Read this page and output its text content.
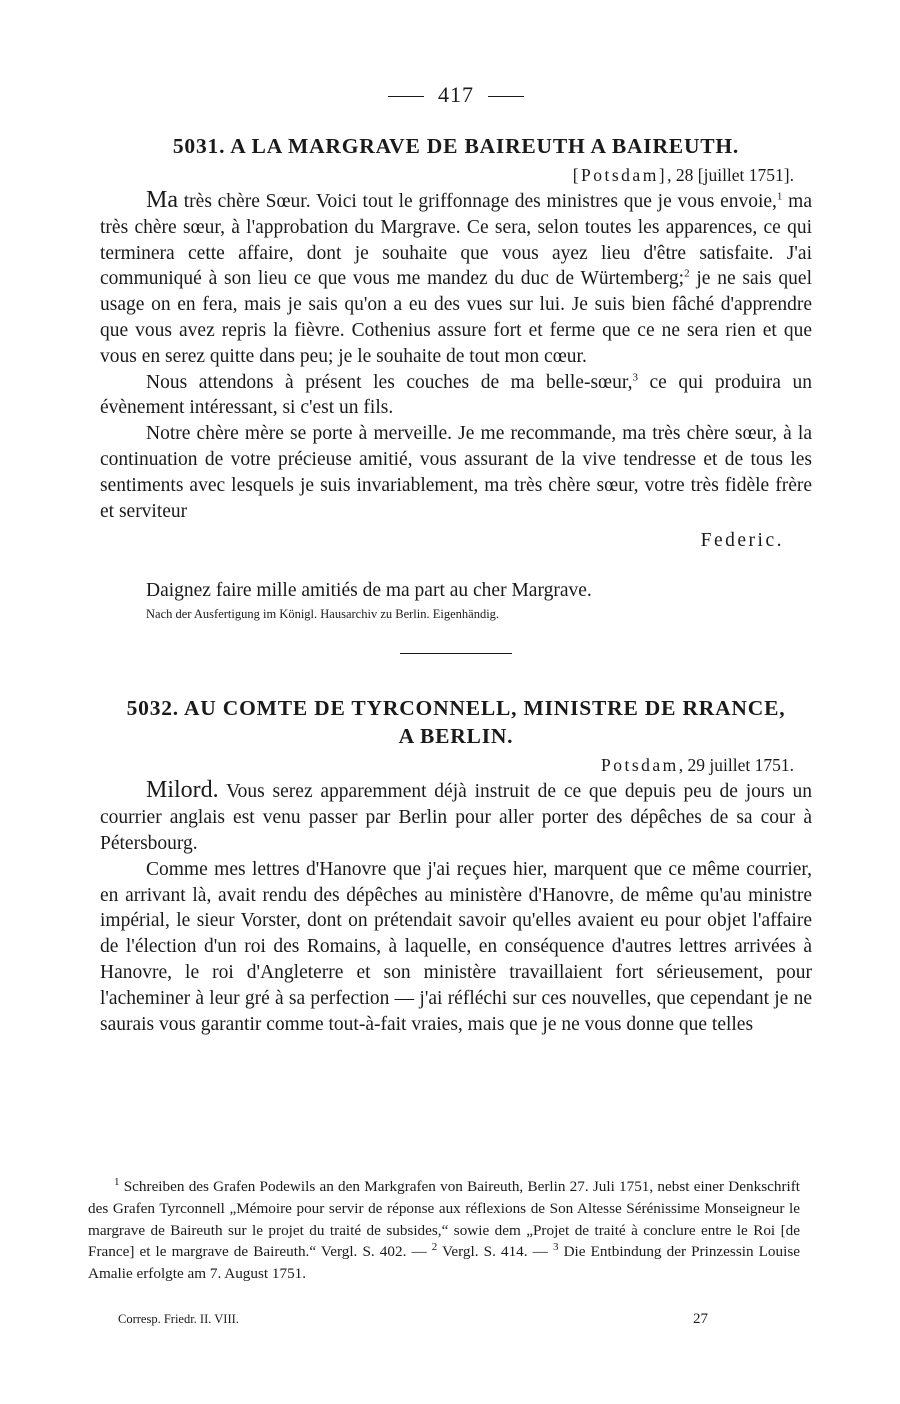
417
5031. A LA MARGRAVE DE BAIREUTH A BAIREUTH.
[Potsdam], 28 [juillet 1751].

Ma très chère Sœur. Voici tout le griffonnage des ministres que je vous envoie,$^1$ ma très chère sœur, à l'approbation du Margrave. Ce sera, selon toutes les apparences, ce qui terminera cette affaire, dont je souhaite que vous ayez lieu d'être satisfaite. J'ai communiqué à son lieu ce que vous me mandez du duc de Würtemberg;$^2$ je ne sais quel usage on en fera, mais je sais qu'on a eu des vues sur lui. Je suis bien fâché d'apprendre que vous avez repris la fièvre. Cothenius assure fort et ferme que ce ne sera rien et que vous en serez quitte dans peu; je le souhaite de tout mon cœur.

Nous attendons à présent les couches de ma belle-sœur,$^3$ ce qui produira un évènement intéressant, si c'est un fils.

Notre chère mère se porte à merveille. Je me recommande, ma très chère sœur, à la continuation de votre précieuse amitié, vous assurant de la vive tendresse et de tous les sentiments avec lesquels je suis invariablement, ma très chère sœur, votre très fidèle frère et serviteur

Federic.
Daignez faire mille amitiés de ma part au cher Margrave.
Nach der Ausfertigung im Königl. Hausarchiv zu Berlin. Eigenhändig.
5032. AU COMTE DE TYRCONNELL, MINISTRE DE RRANCE,
A BERLIN.
Potsdam, 29 juillet 1751.

Milord. Vous serez apparemment déjà instruit de ce que depuis peu de jours un courrier anglais est venu passer par Berlin pour aller porter des dépêches de sa cour à Pétersbourg.

Comme mes lettres d'Hanovre que j'ai reçues hier, marquent que ce même courrier, en arrivant là, avait rendu des dépêches au ministère d'Hanovre, de même qu'au ministre impérial, le sieur Vorster, dont on prétendait savoir qu'elles avaient eu pour objet l'affaire de l'élection d'un roi des Romains, à laquelle, en conséquence d'autres lettres arrivées à Hanovre, le roi d'Angleterre et son ministère travaillaient fort sérieusement, pour l'acheminer à leur gré à sa perfection — j'ai réfléchi sur ces nouvelles, que cependant je ne saurais vous garantir comme tout-à-fait vraies, mais que je ne vous donne que telles

$^1$ Schreiben des Grafen Podewils an den Markgrafen von Baireuth, Berlin 27. Juli 1751, nebst einer Denkschrift des Grafen Tyrconnell „Mémoire pour servir de réponse aux réflexions de Son Altesse Sérénissime Monseigneur le margrave de Baireuth sur le projet du traité de subsides,“ sowie dem „Projet de traité à conclure entre le Roi [de France] et le margrave de Baireuth.“ Vergl. S. 402. — $^2$ Vergl. S. 414. — $^3$ Die Entbindung der Prinzessin Louise Amalie erfolgte am 7. August 1751.

Corresp. Friedr. II. VIII.	27
